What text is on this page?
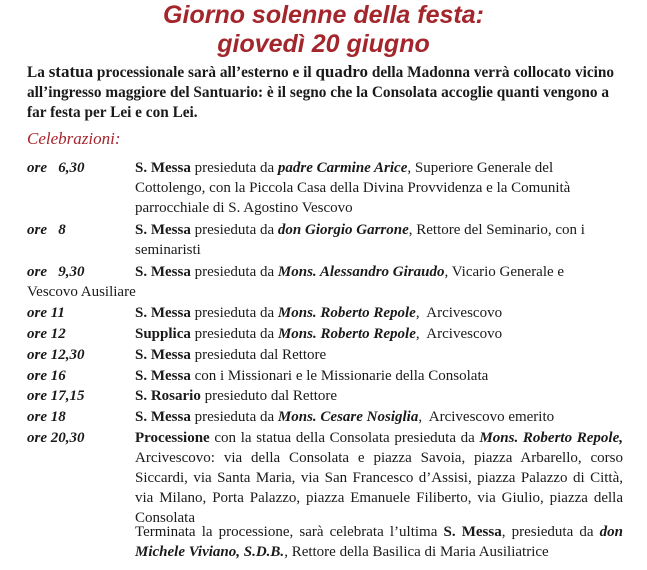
Giorno solenne della festa:
giovedì 20 giugno
La statua processionale sarà all’esterno e il quadro della Madonna verrà collocato vicino all’ingresso maggiore del Santuario: è il segno che la Consolata accoglie quanti vengono a far festa per Lei e con Lei.
Celebrazioni:
ore   6,30	S. Messa presieduta da padre Carmine Arice, Superiore Generale del Cottolengo, con la Piccola Casa della Divina Provvidenza e la Comunità parrocchiale di S. Agostino Vescovo
ore   8	S. Messa presieduta da don Giorgio Garrone, Rettore del Seminario, con i seminaristi
ore   9,30	S. Messa presieduta da Mons. Alessandro Giraudo, Vicario Generale e
Vescovo Ausiliare
ore 11	S. Messa presieduta da Mons. Roberto Repole,  Arcivescovo
ore 12	Supplica presieduta da Mons. Roberto Repole,  Arcivescovo
ore 12,30	S. Messa presieduta dal Rettore
ore 16	S. Messa con i Missionari e le Missionarie della Consolata
ore 17,15	S. Rosario presieduto dal Rettore
ore 18	S. Messa presieduta da Mons. Cesare Nosiglia,  Arcivescovo emerito
ore 20,30	Processione con la statua della Consolata presieduta da Mons. Roberto Repole, Arcivescovo: via della Consolata e piazza Savoia, piazza Arbarello, corso Siccardi, via Santa Maria, via San Francesco d’Assisi, piazza Palazzo di Città, via Milano, Porta Palazzo, piazza Emanuele Filiberto, via Giulio, piazza della Consolata
Terminata la processione, sarà celebrata l’ultima S. Messa, presieduta da don Michele Viviano, S.D.B., Rettore della Basilica di Maria Ausiliatrice
